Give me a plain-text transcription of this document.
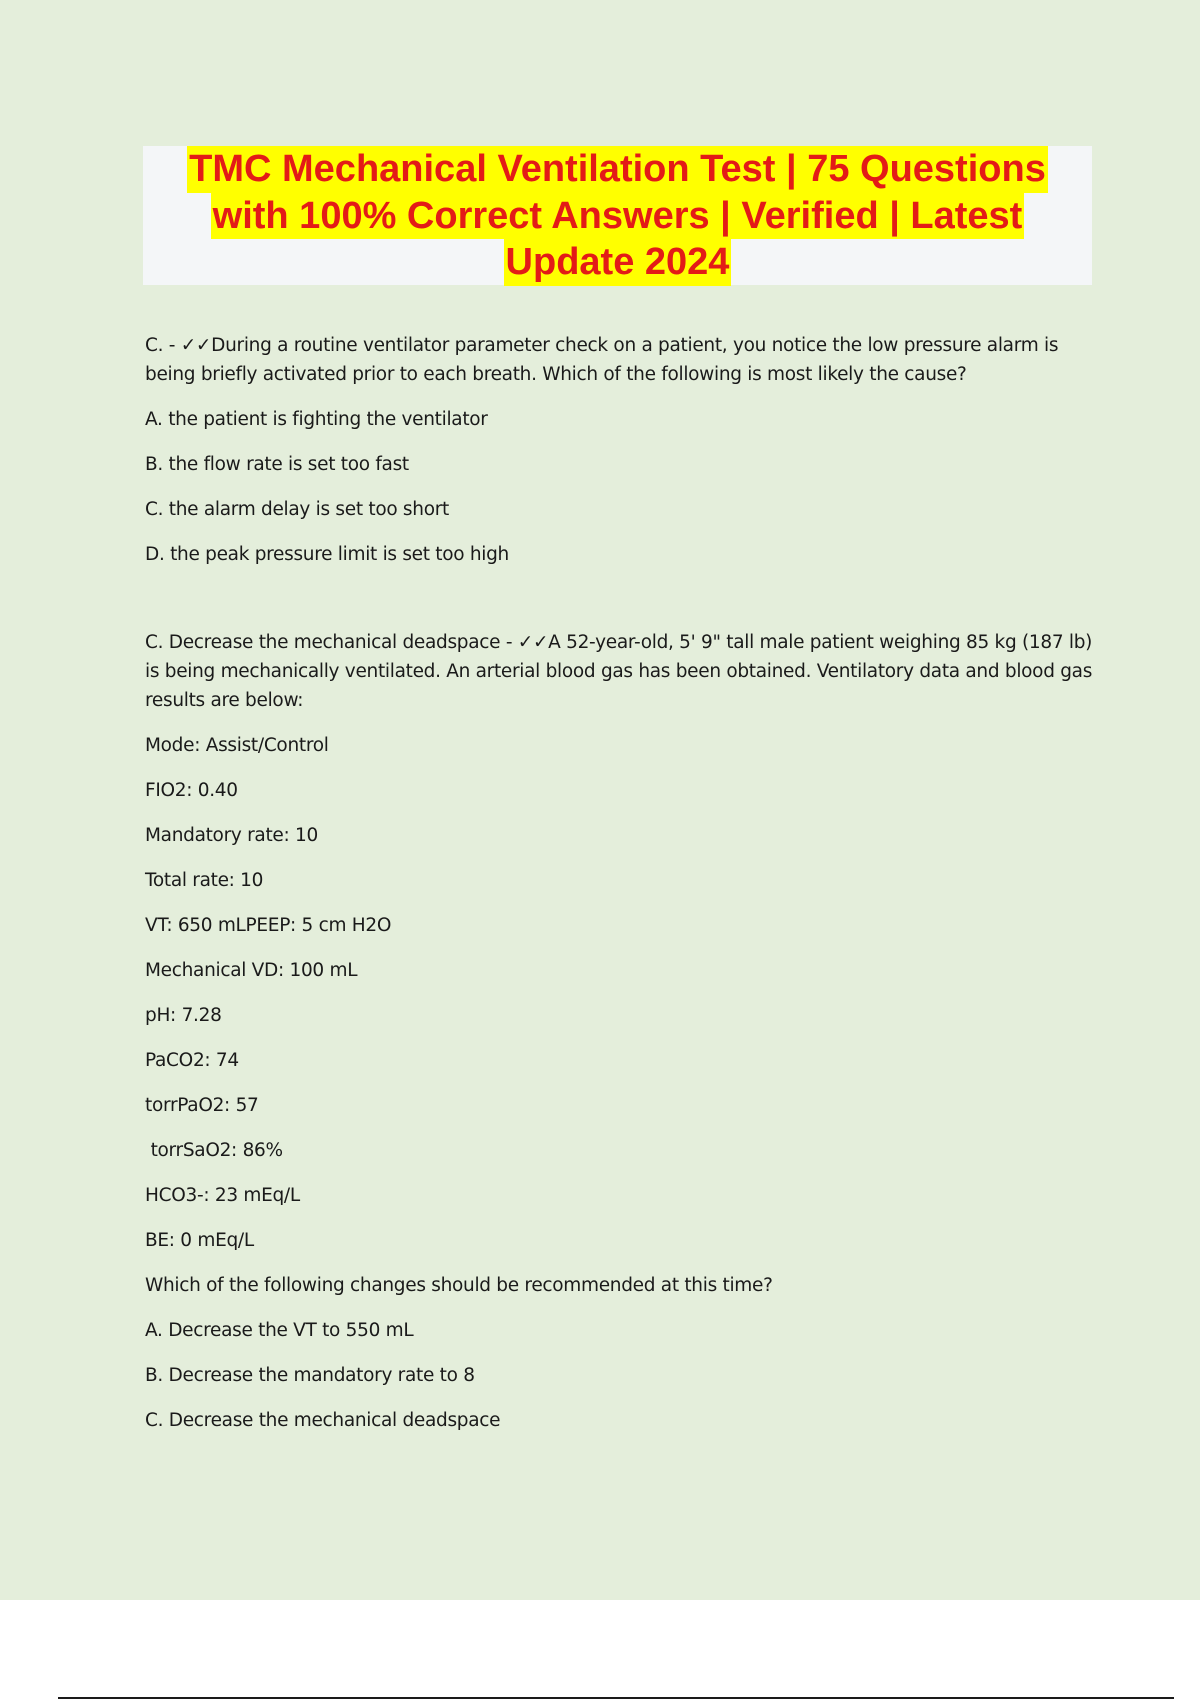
TMC Mechanical Ventilation Test | 75 Questions
with 100% Correct Answers | Verified | Latest
Update 2024

C. - ✓✓During a routine ventilator parameter check on a patient, you notice the low pressure alarm is being briefly activated prior to each breath. Which of the following is most likely the cause?

A. the patient is fighting the ventilator

B. the flow rate is set too fast

C. the alarm delay is set too short

D. the peak pressure limit is set too high

C. Decrease the mechanical deadspace - ✓✓A 52-year-old, 5' 9" tall male patient weighing 85 kg (187 lb) is being mechanically ventilated. An arterial blood gas has been obtained. Ventilatory data and blood gas results are below:

Mode: Assist/Control

FIO2: 0.40

Mandatory rate: 10

Total rate: 10

VT: 650 mLPEEP: 5 cm H2O

Mechanical VD: 100 mL

pH: 7.28

PaCO2: 74

torrPaO2: 57

torrSaO2: 86%

HCO3-: 23 mEq/L

BE: 0 mEq/L

Which of the following changes should be recommended at this time?

A. Decrease the VT to 550 mL

B. Decrease the mandatory rate to 8

C. Decrease the mechanical deadspace
